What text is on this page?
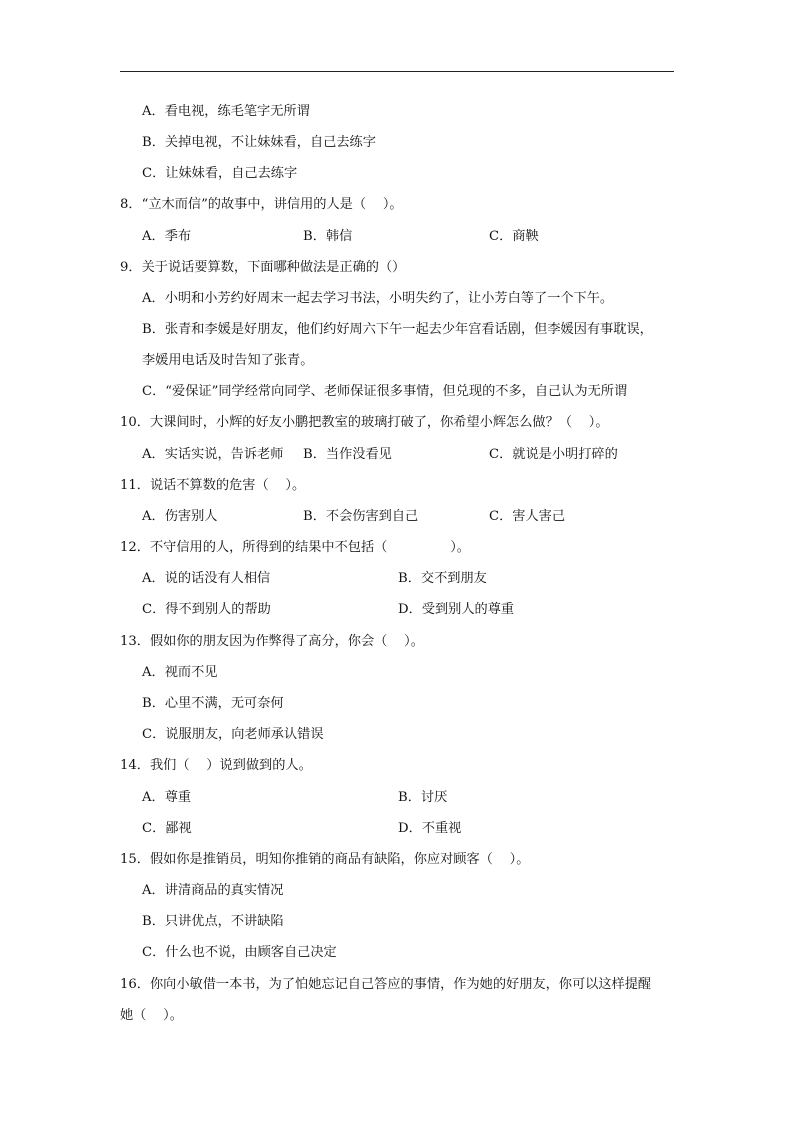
A．看电视，练毛笔字无所谓
B．关掉电视，不让妹妹看，自己去练字
C．让妹妹看，自己去练字
8．“立木而信”的故事中，讲信用的人是（    ）。
A．季布	B．韩信	C．商鞅
9．关于说话要算数，下面哪种做法是正确的（）
A．小明和小芳约好周末一起去学习书法，小明失约了，让小芳白等了一个下午。
B．张青和李媛是好朋友，他们约好周六下午一起去少年宫看话剧，但李媛因有事耽误，
李媛用电话及时告知了张青。
C．“爱保证”同学经常向同学、老师保证很多事情，但兑现的不多，自己认为无所谓
10．大课间时，小辉的好友小鹏把教室的玻璃打破了，你希望小辉怎么做？（    ）。
A．实话实说，告诉老师 B．当作没看见	C．就说是小明打碎的
11．说话不算数的危害（    ）。
A．伤害别人	B．不会伤害到自己	C．害人害己
12．不守信用的人，所得到的结果中不包括（               ）。
A．说的话没有人相信	B．交不到朋友
C．得不到别人的帮助	D．受到别人的尊重
13．假如你的朋友因为作弊得了高分，你会（    ）。
A．视而不见
B．心里不满，无可奈何
C．说服朋友，向老师承认错误
14．我们（    ）说到做到的人。
A．尊重	B．讨厌
C．鄙视	D．不重视
15．假如你是推销员，明知你推销的商品有缺陷，你应对顾客（    ）。
A．讲清商品的真实情况
B．只讲优点，不讲缺陷
C．什么也不说，由顾客自己决定
16．你向小敏借一本书，为了怕她忘记自己答应的事情，作为她的好朋友，你可以这样提醒
她（    ）。
